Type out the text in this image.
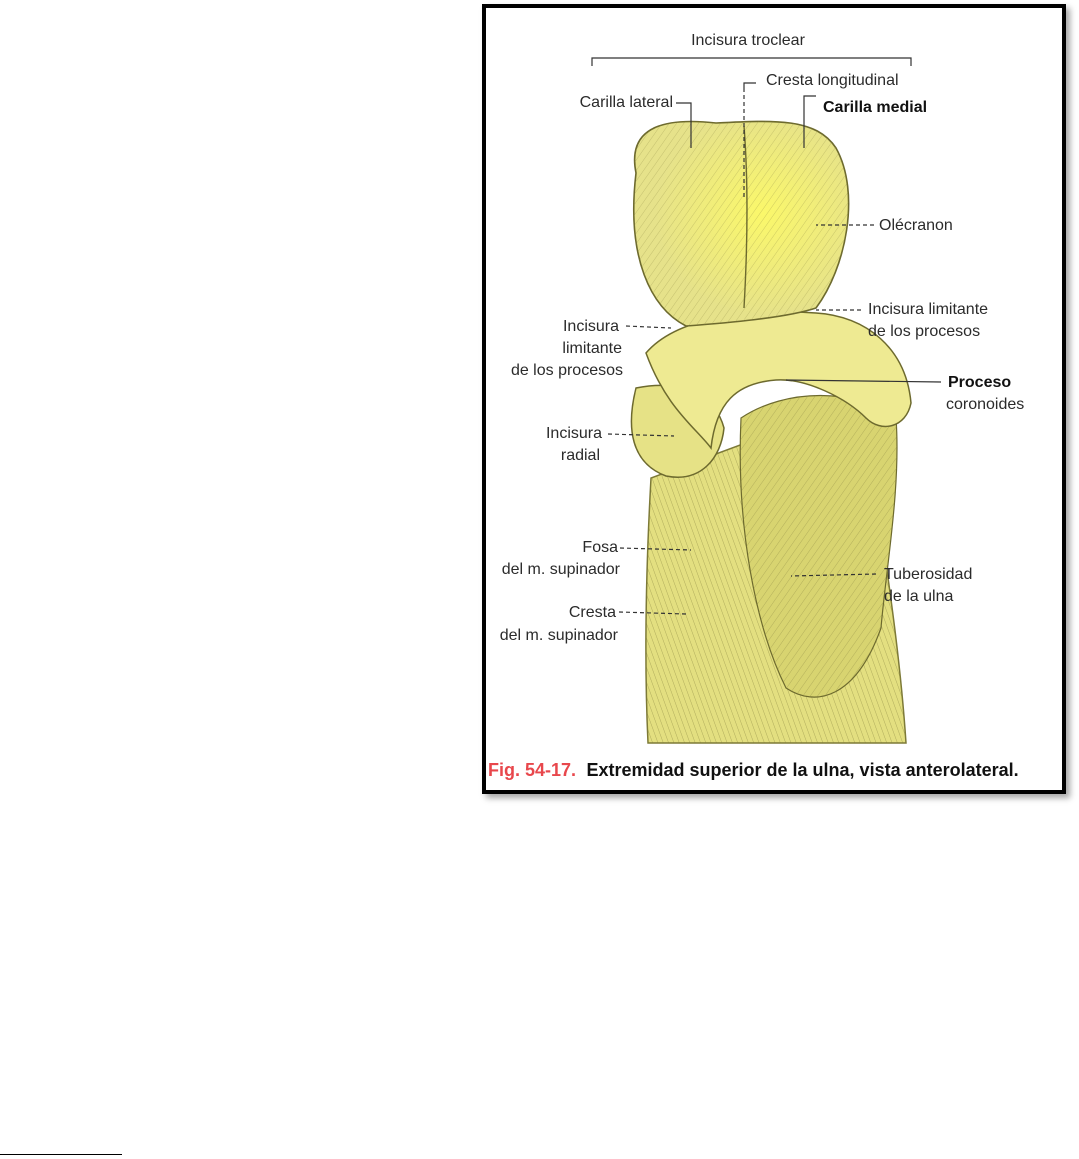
Incisura troclear
Cresta longitudinal
Carilla lateral	Carilla medial
Olécranon
Incisura limitante
de los procesos
Incisura
limitante
de los procesos
Proceso
coronoides
Incisura
radial
Fosa
del m. supinador	Tuberosidad
de la ulna
Cresta
del m. supinador
Fig. 54-17. Extremidad superior de la ulna, vista anterolateral.
